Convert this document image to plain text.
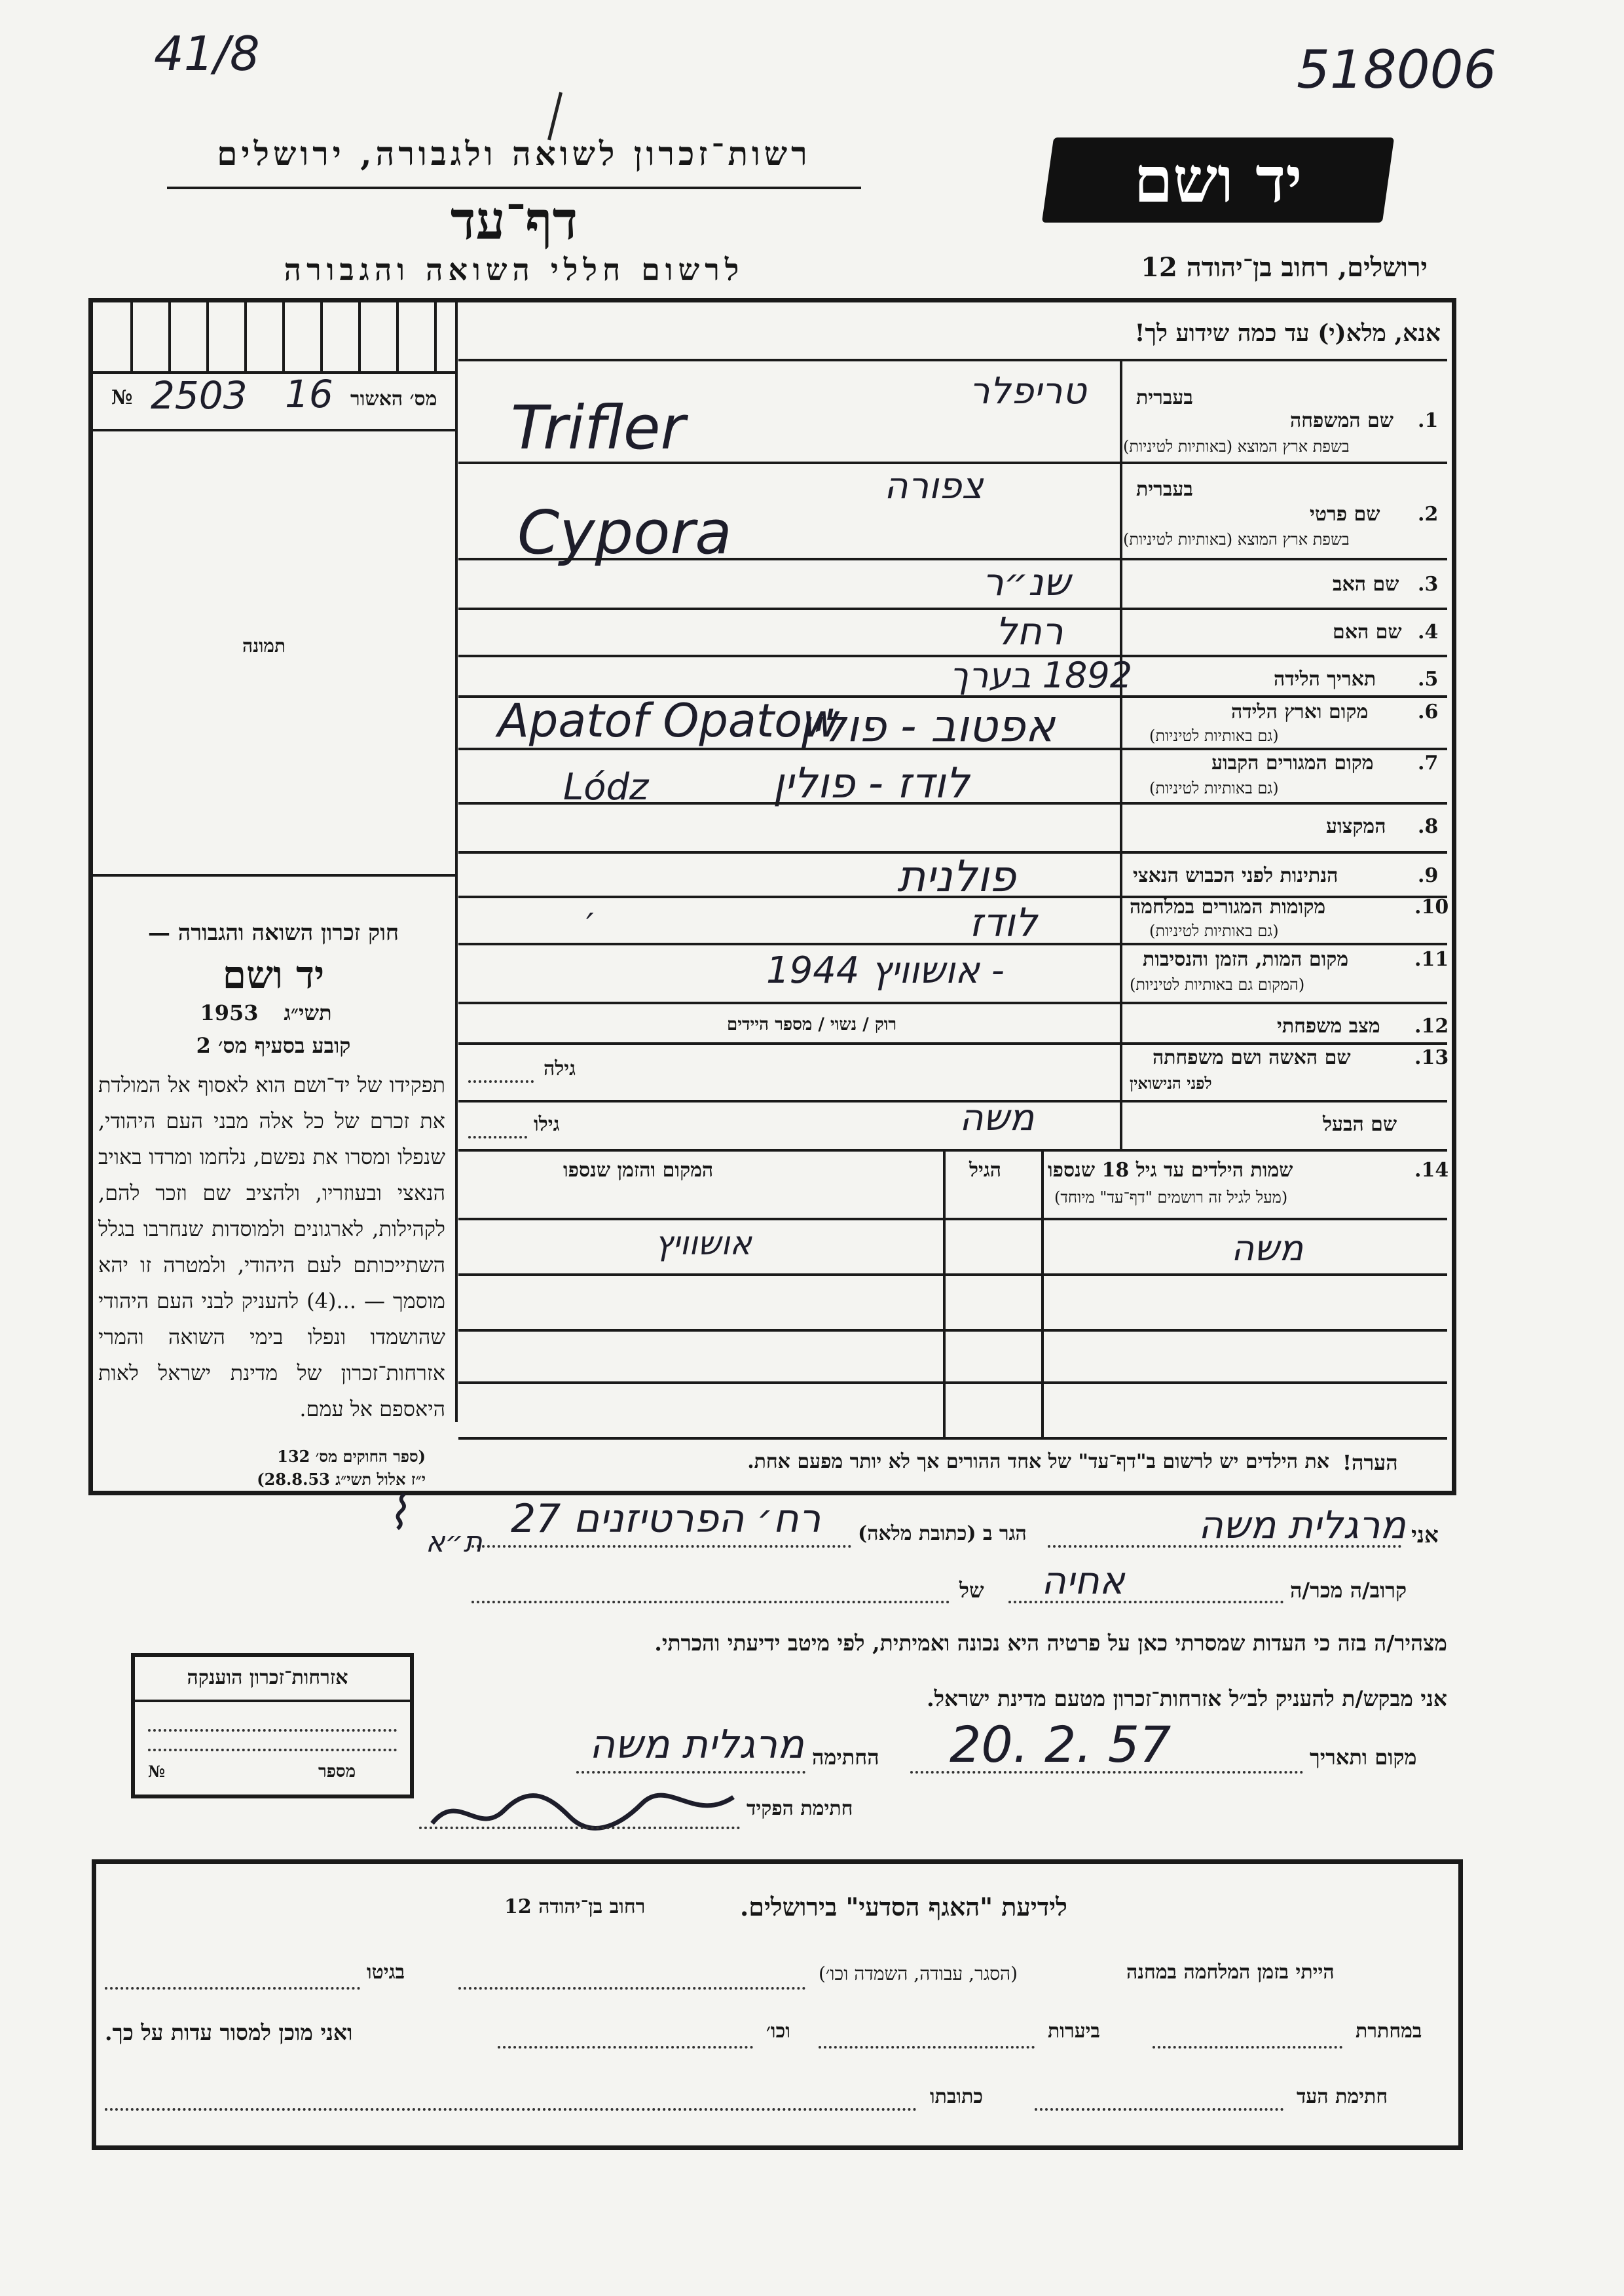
41/8	518006
רשות־זכרון לשואה ולגבורה, ירושלים
דף־עד
לרשום חללי השואה והגבורה
יד ושם
ירושלים, רחוב בן־יהודה 12
אנא, מלא(י) עד כמה שידוע לך!
№ 2503 16 מס׳ האשור
תמונה
חוק זכרון השואה והגבורה —
יד ושם
תשי״ג
1953
קובע בסעיף מס׳ 2
תפקידו של יד־ושם הוא לאסוף אל המולדת את זכרם של כל אלה מבני העם היהודי, שנפלו ומסרו את נפשם, נלחמו ומרדו באויב הנאצי ובעוזריו, ולהציב שם וזכר להם, לקהילות, לארגונים ולמוסדות שנחרבו בגלל השתייכותם לעם היהודי, ולמטרה זו יהא מוסמך — ...(4) להעניק לבני העם היהודי שהושמדו ונפלו בימי השואה והמרי אזרחות־זכרון של מדינת ישראל לאות היאספם אל עמם.
(ספר החוקים מס׳ 132
י״ז אלול תשי״ג 28.8.53)
בעברית
1.
שם המשפחה
בשפת ארץ המוצא (באותיות לטיניות)
טריפלר
Trifler
בעברית
2.
שם פרטי
בשפת ארץ המוצא (באותיות לטיניות)
צפורה
Cypora
3.
שם האב
שנ״ר
4.
שם האם
רחל
5.
תאריך הלידה
1892 בערך
6.
מקום וארץ הלידה
(גם באותיות לטיניות)
אפטוב - פולין
Apatof Opatow
7.
מקום המגורים הקבוע
(גם באותיות לטיניות)
לודז - פולין
Lódz
8.
המקצוע
9.
הנתינות לפני הכבוש הנאצי
פולנית
10.
מקומות המגורים במלחמה
(גם באותיות לטיניות)
לודז
′
11.
מקום המות, הזמן והנסיבות
(המקום גם באותיות לטיניות)
- אושוויץ 1944
12.
מצב משפחתי
רוק / נשוי / מספר היידים
13.
שם האשה ושם משפחתה
לפני הנישואין
גילה
שם הבעל
משה
גילו
14.
שמות הילדים עד גיל 18 שנספו
(מעל לגיל זה רושמים "דף־עד" מיוחד)
הגיל
המקום והזמן שנספו
משה
אושוויץ
הערה!
את הילדים יש לרשום ב"דף־עד" של אחד ההורים אך לא יותר מפעם אחת.
אני
מרגלית משה
הגר ב (כתובת מלאה)
רח׳ הפרטיזנים 27
ת״א
⌇
קרוב/ה מכר/ה
אחיה
של
מצהיר/ה בזה כי העדות שמסרתי כאן על פרטיה היא נכונה ואמיתית, לפי מיטב ידיעתי והכרתי.
אני מבקש/ת להעניק לב״ל אזרחות־זכרון מטעם מדינת ישראל.
מקום ותאריך
20. 2. 57
החתימה
מרגלית משה
חתימת הפקיד
אזרחות־זכרון הוענקה
№	מספר
לידיעת "האגף הסדעי" בירושלים.
רחוב בן־יהודה 12
הייתי בזמן המלחמה במחנה
(הסגר, עבודה, השמדה וכו׳)
בגיטו
במחתרת
ביערות
וכו׳
ואני מוכן למסור עדות על כך.
חתימת העד
כתובתו
